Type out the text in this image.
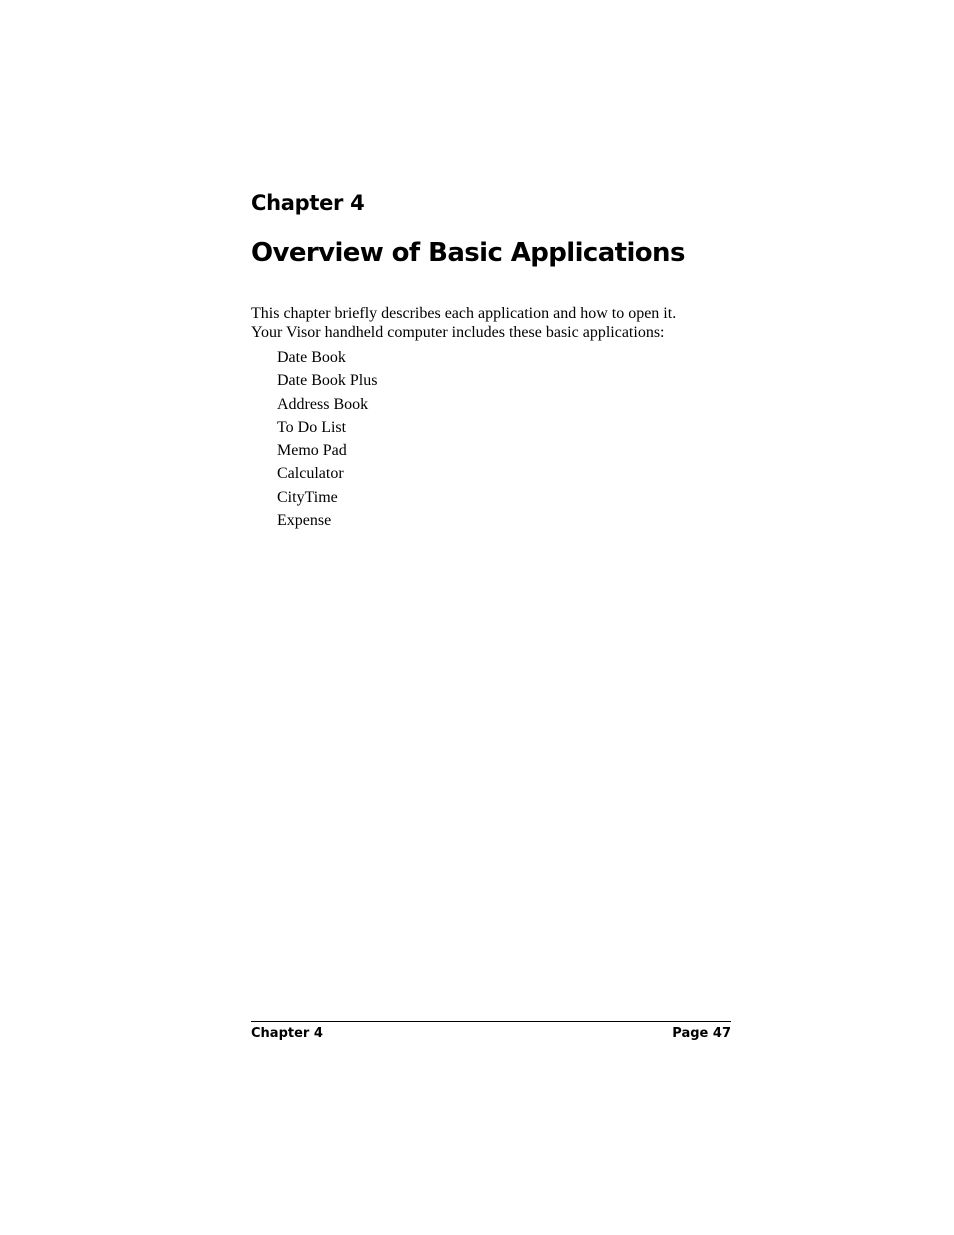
Chapter 4
Overview of Basic Applications

This chapter briefly describes each application and how to open it.
Your Visor handheld computer includes these basic applications:

Date Book
Date Book Plus
Address Book
To Do List
Memo Pad
Calculator
CityTime
Expense
Chapter 4	Page 47
